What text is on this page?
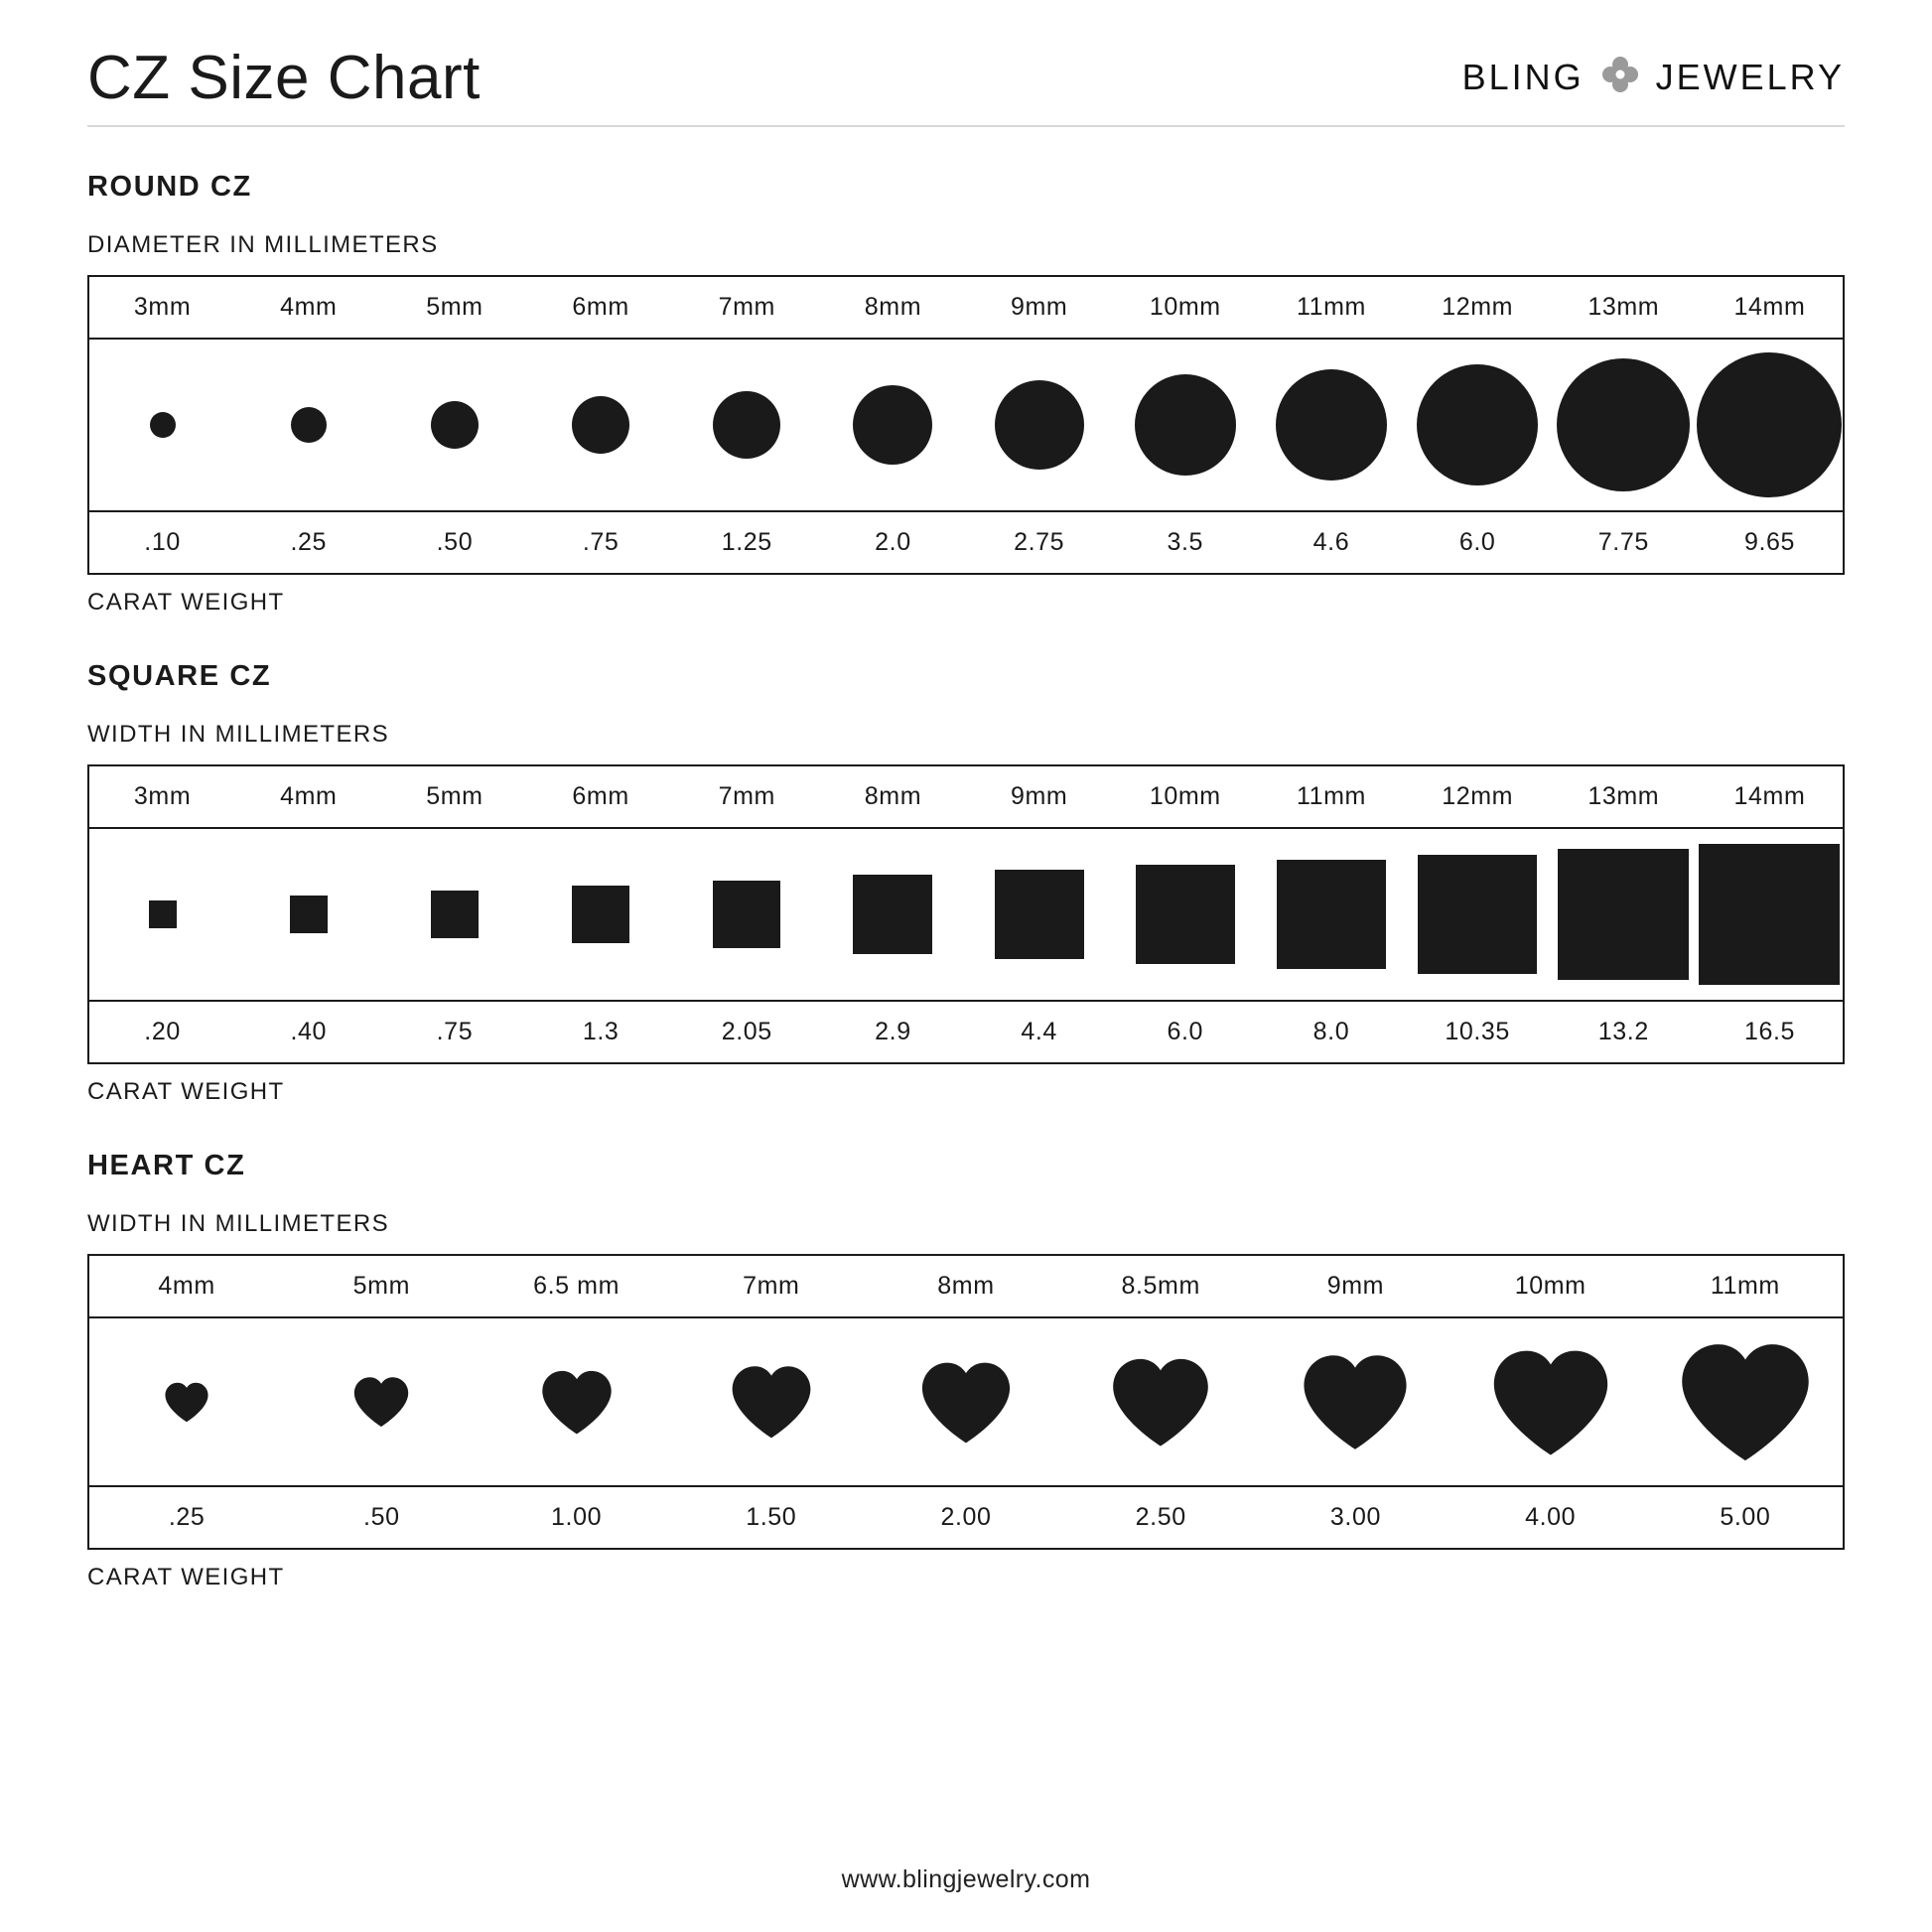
CZ Size Chart	BLING JEWELRY
ROUND CZ

DIAMETER IN MILLIMETERS

3mm	4mm	5mm	6mm	7mm	8mm	9mm	10mm	11mm	12mm	13mm	14mm
.10	.25	.50	.75	1.25	2.0	2.75	3.5	4.6	6.0	7.75	9.65

CARAT WEIGHT

SQUARE CZ

WIDTH IN MILLIMETERS

3mm	4mm	5mm	6mm	7mm	8mm	9mm	10mm	11mm	12mm	13mm	14mm
.20	.40	.75	1.3	2.05	2.9	4.4	6.0	8.0	10.35	13.2	16.5

CARAT WEIGHT

HEART CZ

WIDTH IN MILLIMETERS

4mm	5mm	6.5 mm	7mm	8mm	8.5mm	9mm	10mm	11mm
.25	.50	1.00	1.50	2.00	2.50	3.00	4.00	5.00

CARAT WEIGHT

www.blingjewelry.com
